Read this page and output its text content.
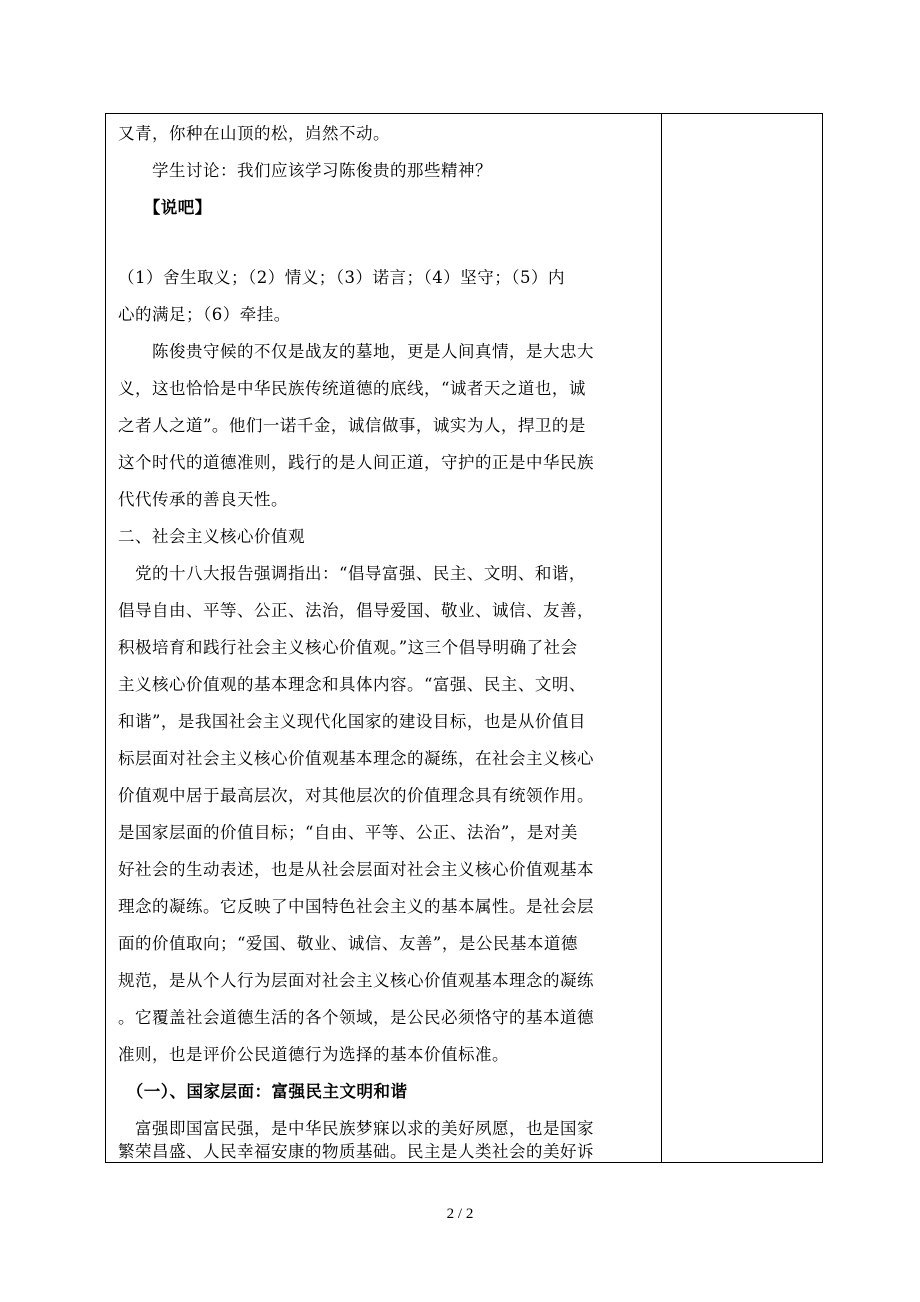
又青，你种在山顶的松，岿然不动。
　　学生讨论：我们应该学习陈俊贵的那些精神？
　　【说吧】
（1）舍生取义；（2）情义；（3）诺言；（4）坚守；（5）内
心的满足；（6）牵挂。
　　陈俊贵守候的不仅是战友的墓地，更是人间真情，是大忠大
义，这也恰恰是中华民族传统道德的底线，“诚者天之道也，诚
之者人之道”。他们一诺千金，诚信做事，诚实为人，捍卫的是
这个时代的道德准则，践行的是人间正道，守护的正是中华民族
代代传承的善良天性。
二、社会主义核心价值观
　党的十八大报告强调指出：“倡导富强、民主、文明、和谐，
倡导自由、平等、公正、法治，倡导爱国、敬业、诚信、友善，
积极培育和践行社会主义核心价值观。”这三个倡导明确了社会
主义核心价值观的基本理念和具体内容。“富强、民主、文明、
和谐”，是我国社会主义现代化国家的建设目标，也是从价值目
标层面对社会主义核心价值观基本理念的凝练，在社会主义核心
价值观中居于最高层次，对其他层次的价值理念具有统领作用。
是国家层面的价值目标；“自由、平等、公正、法治”，是对美
好社会的生动表述，也是从社会层面对社会主义核心价值观基本
理念的凝练。它反映了中国特色社会主义的基本属性。是社会层
面的价值取向；“爱国、敬业、诚信、友善”，是公民基本道德
规范，是从个人行为层面对社会主义核心价值观基本理念的凝练
。它覆盖社会道德生活的各个领域，是公民必须恪守的基本道德
准则，也是评价公民道德行为选择的基本价值标准。
　（一）、国家层面：富强民主文明和谐
　富强即国富民强，是中华民族梦寐以求的美好夙愿，也是国家
繁荣昌盛、人民幸福安康的物质基础。民主是人类社会的美好诉
2 / 2
